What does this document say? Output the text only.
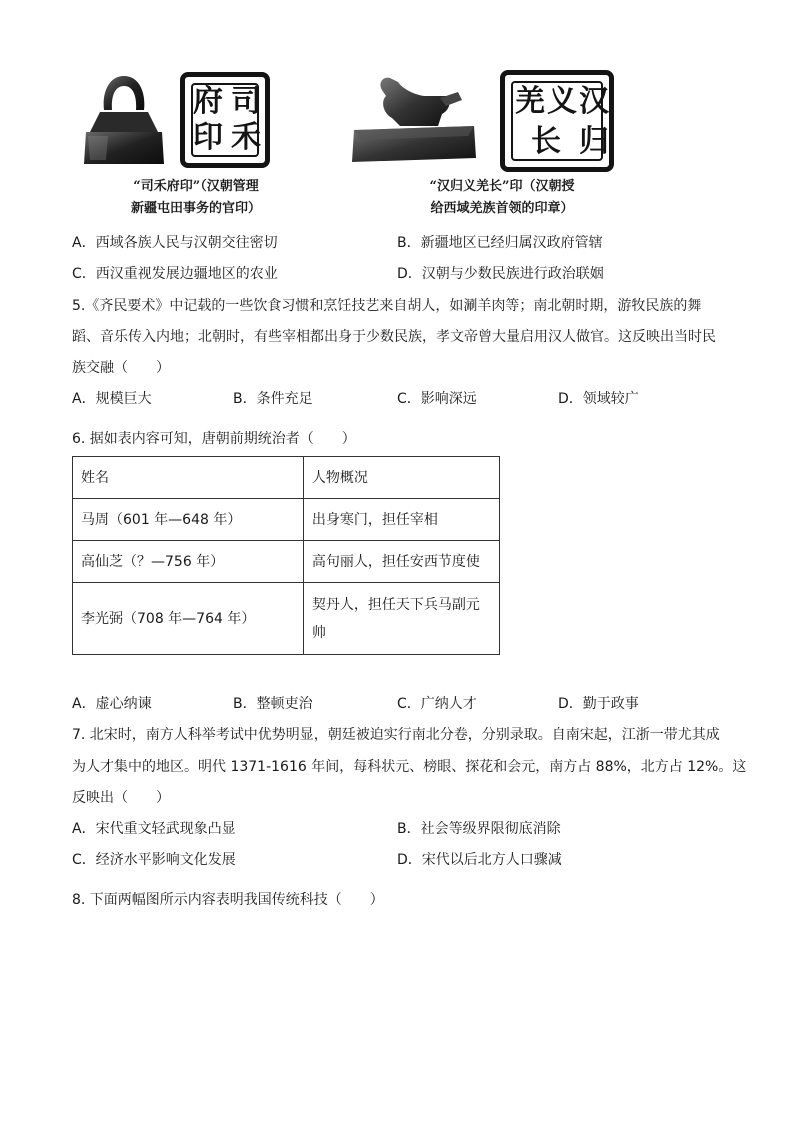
司
禾
府
印
“司禾府印”（汉朝管理
新疆屯田事务的官印）
汉
归
义
羌
长
“汉归义羌长”印（汉朝授
给西域羌族首领的印章）
A．西域各族人民与汉朝交往密切	B．新疆地区已经归属汉政府管辖
C．西汉重视发展边疆地区的农业	D．汉朝与少数民族进行政治联姻
5.《齐民要术》中记载的一些饮食习惯和烹饪技艺来自胡人，如涮羊肉等；南北朝时期，游牧民族的舞
蹈、音乐传入内地；北朝时，有些宰相都出身于少数民族，孝文帝曾大量启用汉人做官。这反映出当时民
族交融（　　）
A．规模巨大	B．条件充足	C．影响深远	D．领域较广
6. 据如表内容可知，唐朝前期统治者（　　）
姓名	人物概况
马周（601 年—648 年）	出身寒门，担任宰相
高仙芝（？—756 年）	高句丽人，担任安西节度使
李光弼（708 年—764 年）	契丹人，担任天下兵马副元帅
A．虚心纳谏	B．整顿吏治	C．广纳人才	D．勤于政事
7. 北宋时，南方人科举考试中优势明显，朝廷被迫实行南北分卷，分别录取。自南宋起，江浙一带尤其成
为人才集中的地区。明代 1371-1616 年间，每科状元、榜眼、探花和会元，南方占 88%，北方占 12%。这
反映出（　　）
A．宋代重文轻武现象凸显	B．社会等级界限彻底消除
C．经济水平影响文化发展	D．宋代以后北方人口骤减
8. 下面两幅图所示内容表明我国传统科技（　　）
